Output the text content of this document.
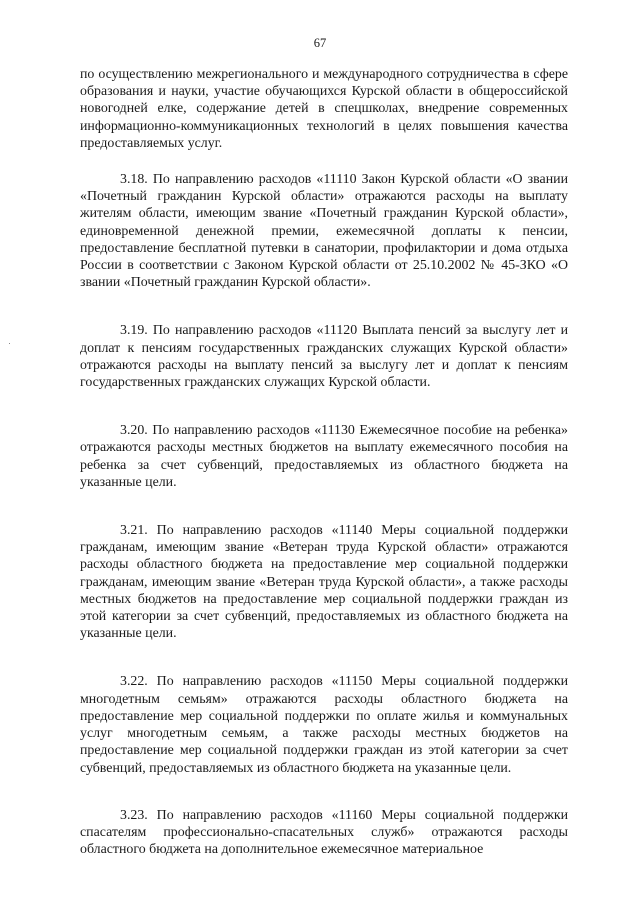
67

по осуществлению межрегионального и международного сотрудничества в сфере образования и науки, участие обучающихся Курской области в общероссийской новогодней елке, содержание детей в спецшколах, внедрение современных информационно-коммуникационных технологий в целях повышения качества предоставляемых услуг.

3.18. По направлению расходов «11110 Закон Курской области «О звании «Почетный гражданин Курской области» отражаются расходы на выплату жителям области, имеющим звание «Почетный гражданин Курской области», единовременной денежной премии, ежемесячной доплаты к пенсии, предоставление бесплатной путевки в санатории, профилактории и дома отдыха России в соответствии с Законом Курской области от 25.10.2002 № 45-ЗКО «О звании «Почетный гражданин Курской области».

3.19. По направлению расходов «11120 Выплата пенсий за выслугу лет и доплат к пенсиям государственных гражданских служащих Курской области» отражаются расходы на выплату пенсий за выслугу лет и доплат к пенсиям государственных гражданских служащих Курской области.

3.20. По направлению расходов «11130 Ежемесячное пособие на ребенка» отражаются расходы местных бюджетов на выплату ежемесячного пособия на ребенка за счет субвенций, предоставляемых из областного бюджета на указанные цели.

3.21. По направлению расходов «11140 Меры социальной поддержки гражданам, имеющим звание «Ветеран труда Курской области» отражаются расходы областного бюджета на предоставление мер социальной поддержки гражданам, имеющим звание «Ветеран труда Курской области», а также расходы местных бюджетов на предоставление мер социальной поддержки граждан из этой категории за счет субвенций, предоставляемых из областного бюджета на указанные цели.

3.22. По направлению расходов «11150 Меры социальной поддержки многодетным семьям» отражаются расходы областного бюджета на предоставление мер социальной поддержки по оплате жилья и коммунальных услуг многодетным семьям, а также расходы местных бюджетов на предоставление мер социальной поддержки граждан из этой категории за счет субвенций, предоставляемых из областного бюджета на указанные цели.

3.23. По направлению расходов «11160 Меры социальной поддержки спасателям профессионально-спасательных служб» отражаются расходы областного бюджета на дополнительное ежемесячное материальное
